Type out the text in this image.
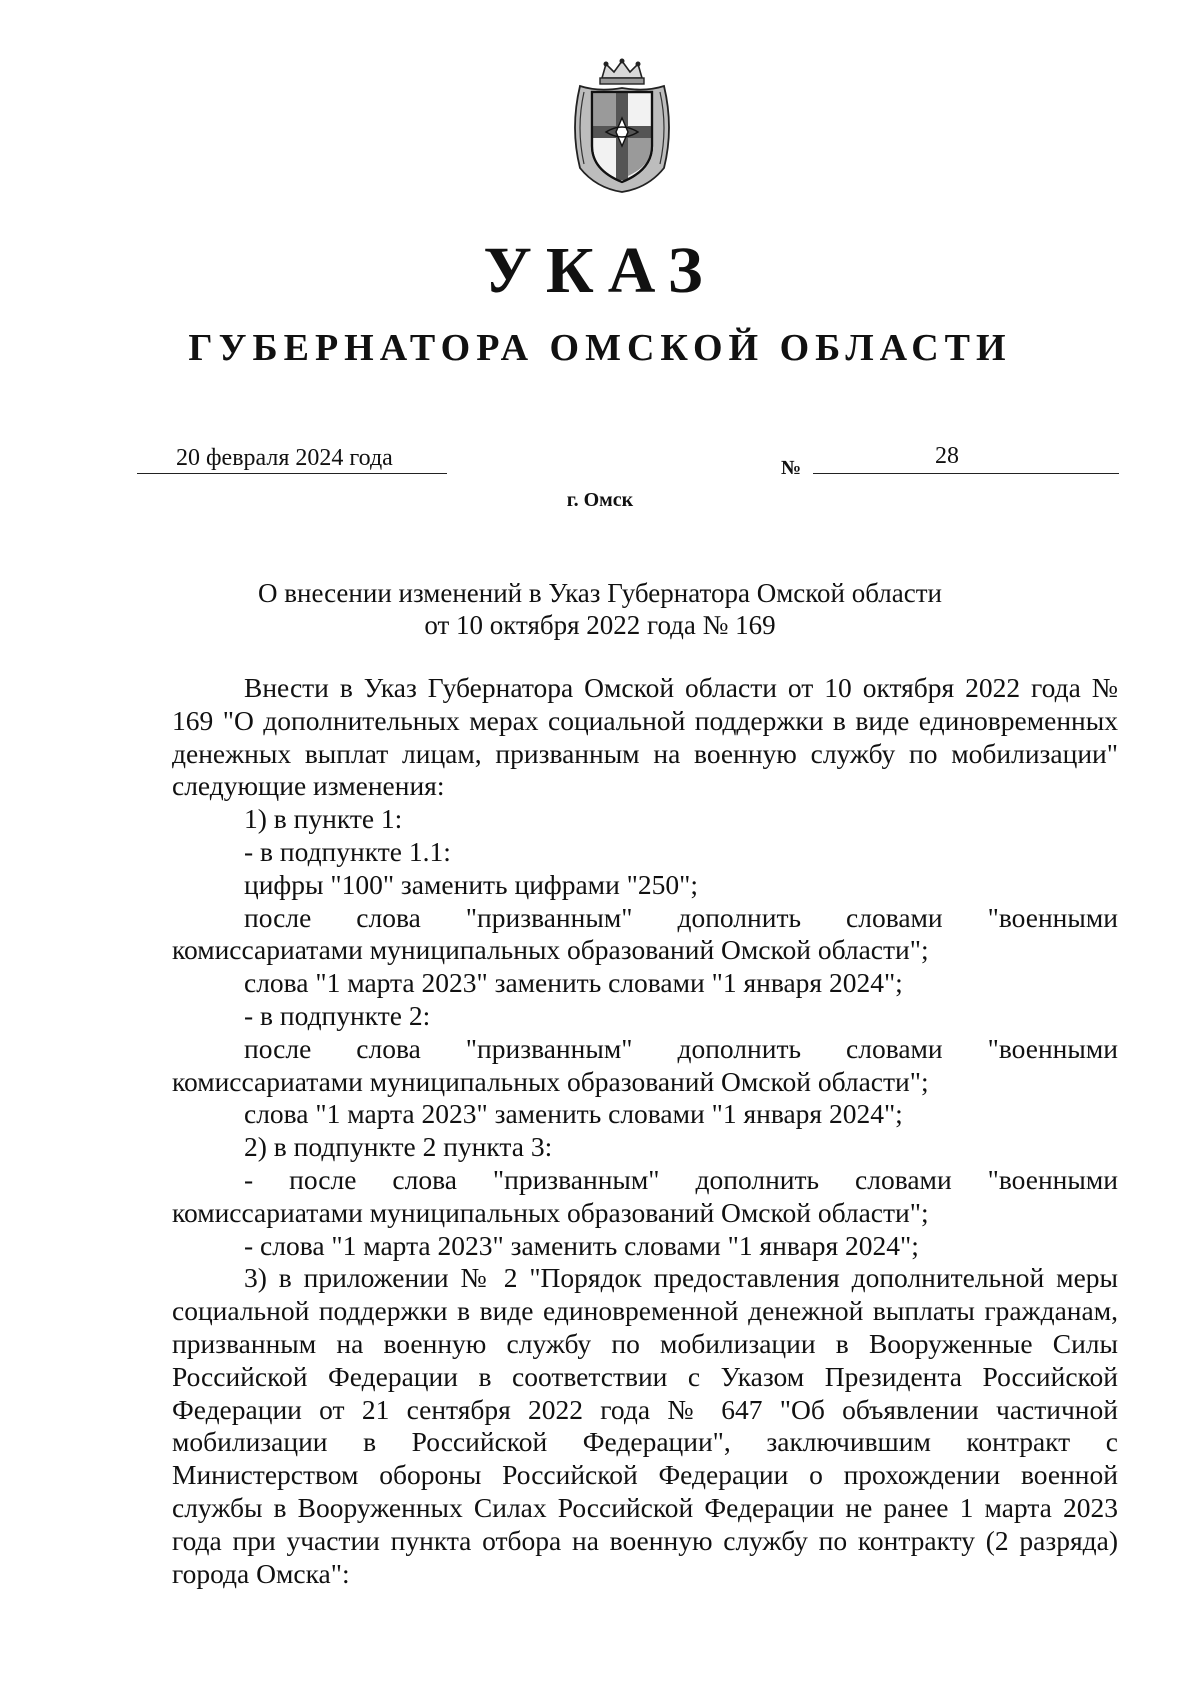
УКАЗ
ГУБЕРНАТОРА ОМСКОЙ ОБЛАСТИ
20 февраля 2024 года	№	28
г. Омск
О внесении изменений в Указ Губернатора Омской области
от 10 октября 2022 года № 169

Внести в Указ Губернатора Омской области от 10 октября 2022 года № 169 "О дополнительных мерах социальной поддержки в виде единовременных денежных выплат лицам, призванным на военную службу по мобилизации" следующие изменения:

1) в пункте 1:

- в подпункте 1.1:

цифры "100" заменить цифрами "250";

после слова "призванным" дополнить словами "военными комиссариатами муниципальных образований Омской области";

слова "1 марта 2023" заменить словами "1 января 2024";

- в подпункте 2:

после слова "призванным" дополнить словами "военными комиссариатами муниципальных образований Омской области";

слова "1 марта 2023" заменить словами "1 января 2024";

2) в подпункте 2 пункта 3:

- после слова "призванным" дополнить словами "военными комиссариатами муниципальных образований Омской области";

- слова "1 марта 2023" заменить словами "1 января 2024";

3) в приложении № 2 "Порядок предоставления дополнительной меры социальной поддержки в виде единовременной денежной выплаты гражданам, призванным на военную службу по мобилизации в Вооруженные Силы Российской Федерации в соответствии с Указом Президента Российской Федерации от 21 сентября 2022 года № 647 "Об объявлении частичной мобилизации в Российской Федерации", заключившим контракт с Министерством обороны Российской Федерации о прохождении военной службы в Вооруженных Силах Российской Федерации не ранее 1 марта 2023 года при участии пункта отбора на военную службу по контракту (2 разряда) города Омска":
